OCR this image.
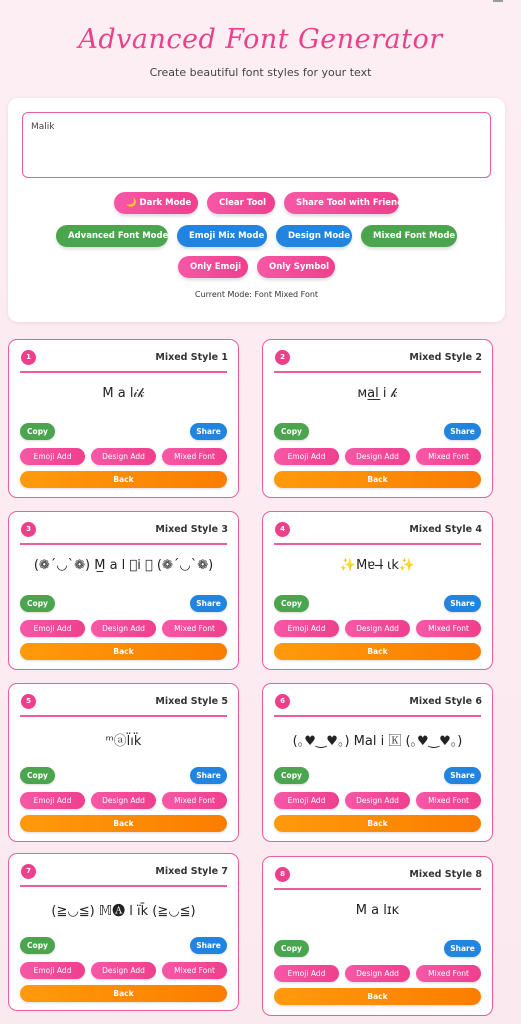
Advanced Font Generator
Create beautiful font styles for your text
Malik
🌙 Dark Mode	Clear Tool	Share Tool with Friend
Advanced Font Mode	Emoji Mix Mode	Design Mode	Mixed Font Mode
Only Emoji	Only Symbol
Current Mode: Font Mixed Font
1	Mixed Style 1
M a l𝒾𝓀
Copy	Share
Emoji Add	Design Add	Mixed Font
Back
2	Mixed Style 2
ᴍa̲l̲ i 𝓀
Copy	Share
Emoji Add	Design Add	Mixed Font
Back
3	Mixed Style 3
(❁´◡`❁) M̲ a l ⃞i 𝓀 (❁´◡`❁)
Copy	Share
Emoji Add	Design Add	Mixed Font
Back
4	Mixed Style 4
✨Mɐ l̶ ɩk̆✨
Copy	Share
Emoji Add	Design Add	Mixed Font
Back
5	Mixed Style 5
ᵐⓐl̈ık̈
Copy	Share
Emoji Add	Design Add	Mixed Font
Back
6	Mixed Style 6
(｡♥‿♥｡) Mal i 🄺 (｡♥‿♥｡)
Copy	Share
Emoji Add	Design Add	Mixed Font
Back
7	Mixed Style 7
(≧◡≦) 𝕄🅐 l ı̈k̄ (≧◡≦)
Copy	Share
Emoji Add	Design Add	Mixed Font
Back
8	Mixed Style 8
M a lɪĸ
Copy	Share
Emoji Add	Design Add	Mixed Font
Back
